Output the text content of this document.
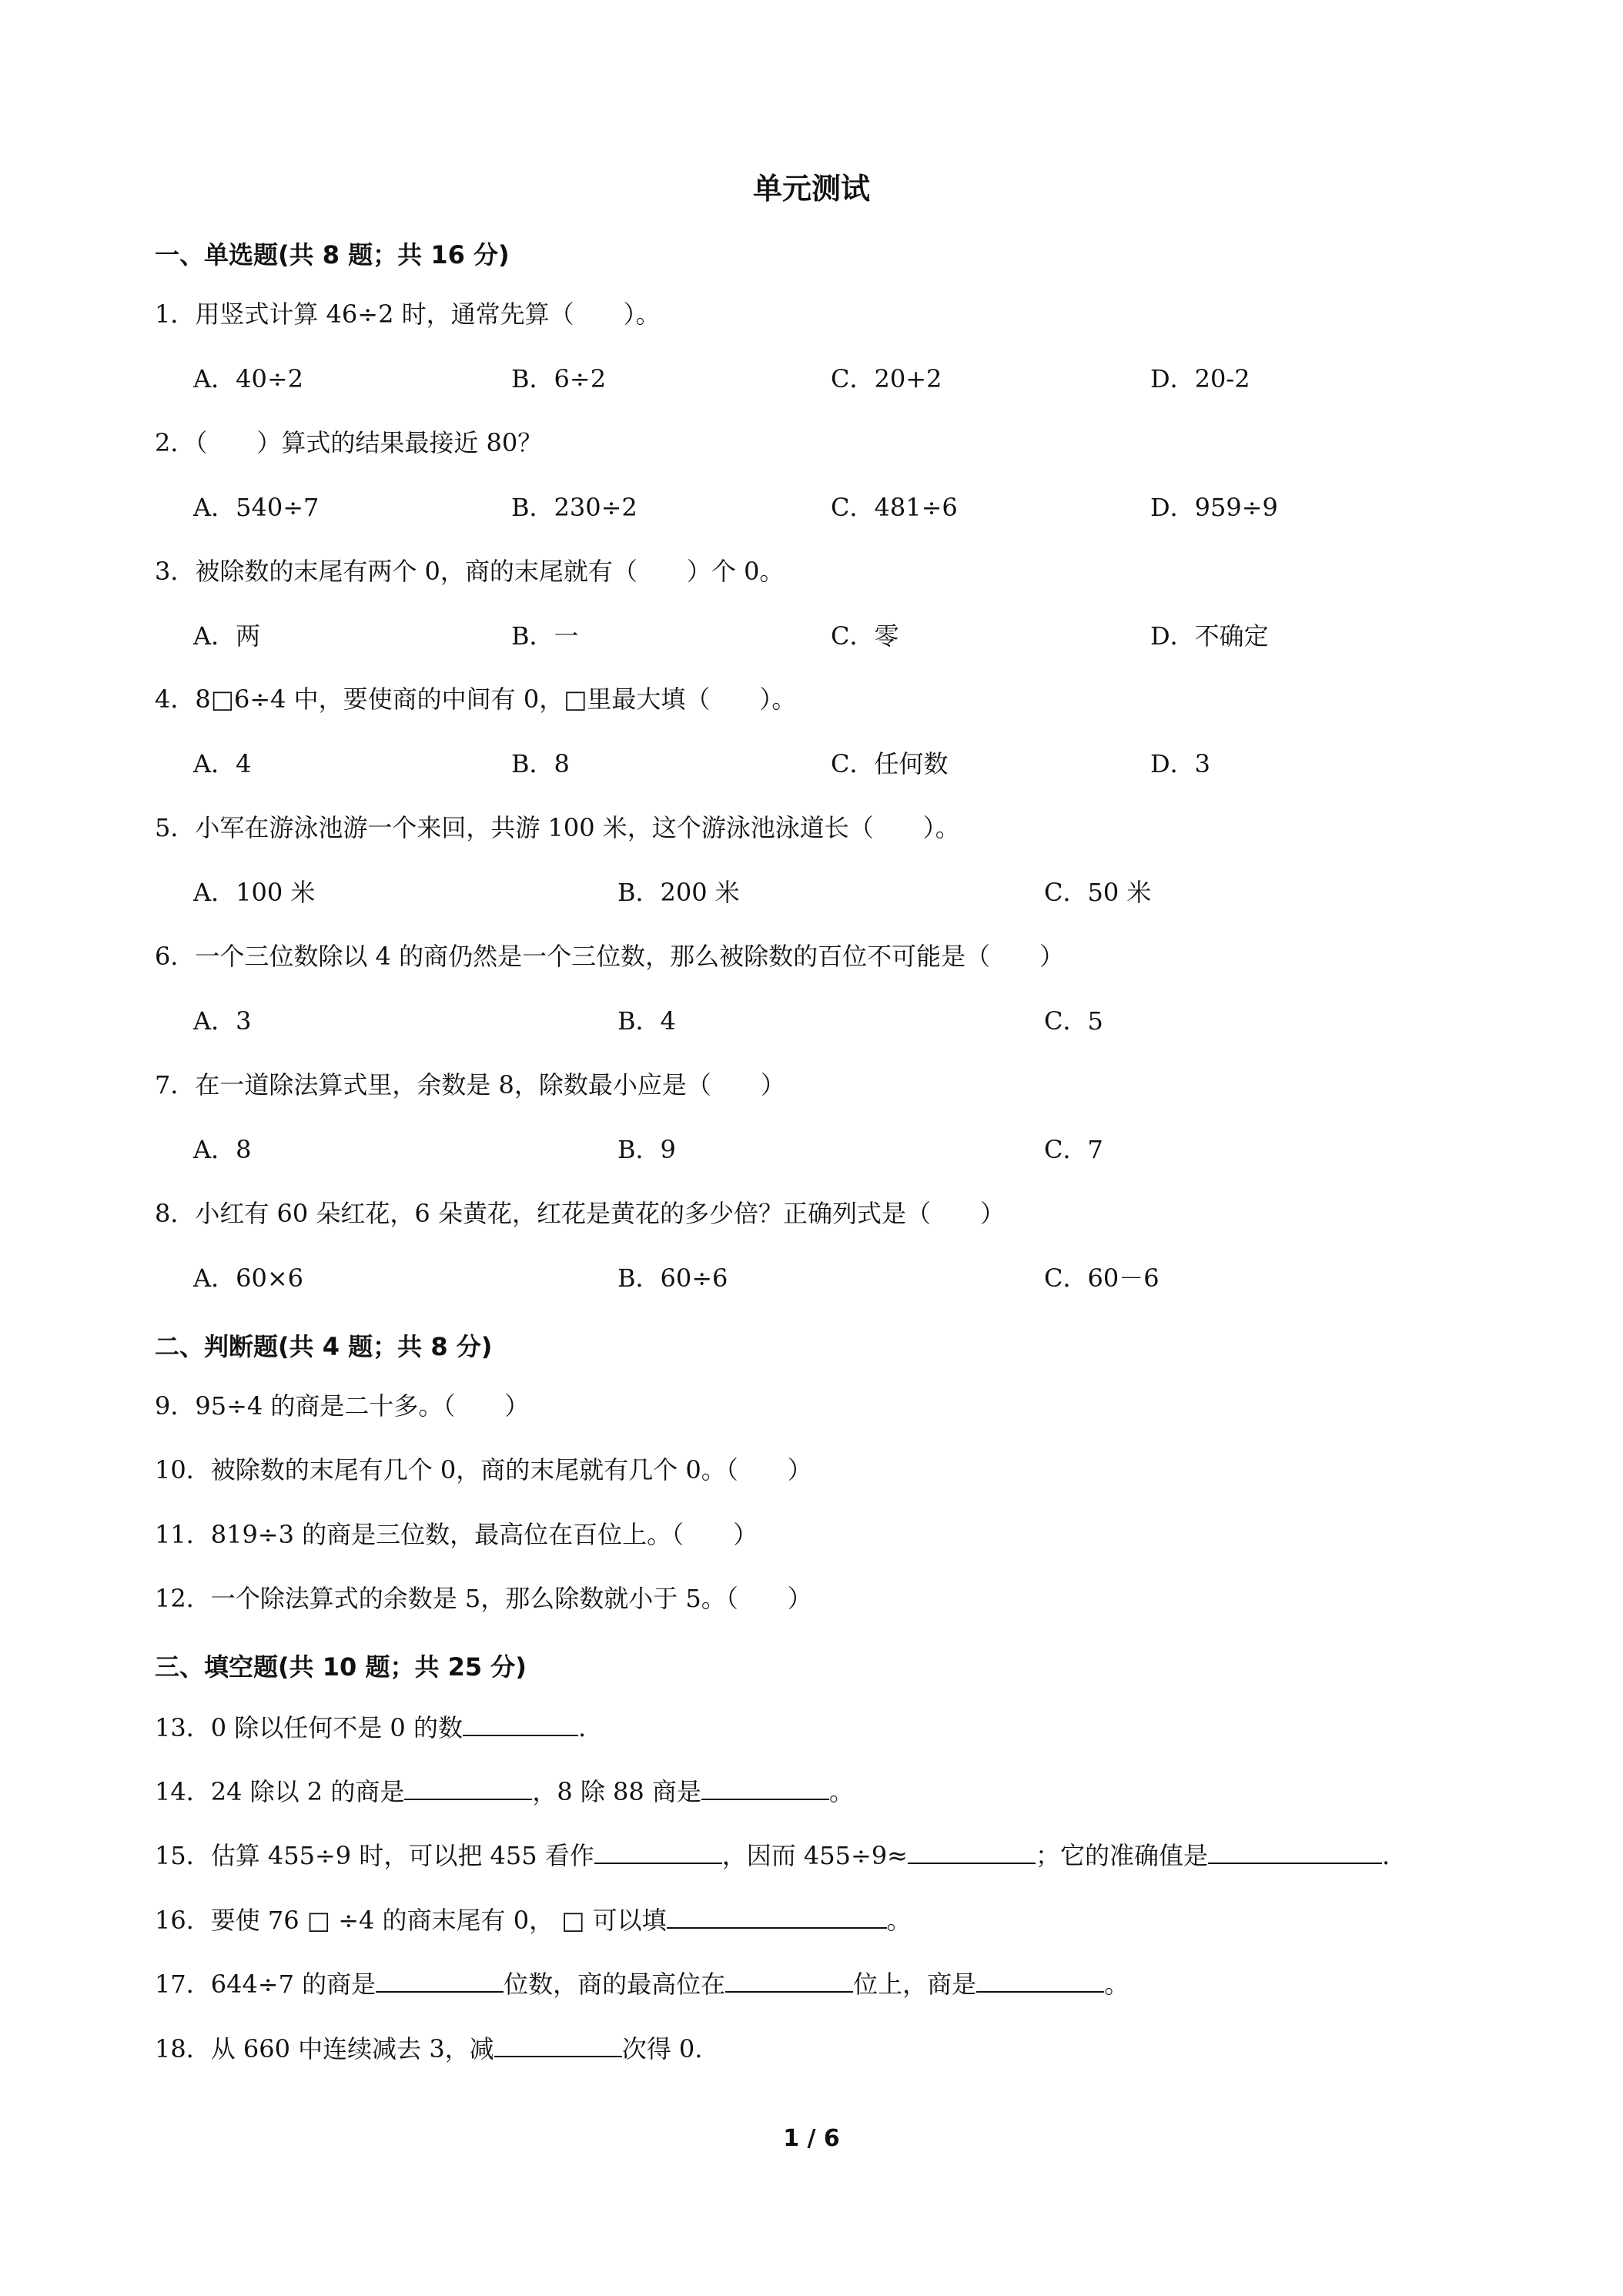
单元测试
一、单选题(共 8 题；共 16 分)
1．用竖式计算 46÷2 时，通常先算（　　）。
A．40÷2	B．6÷2	C．20+2	D．20-2
2．（　　）算式的结果最接近 80？
A．540÷7	B．230÷2	C．481÷6	D．959÷9
3．被除数的末尾有两个 0，商的末尾就有（　　）个 0。
A．两	B．一	C．零	D．不确定
4．8□6÷4 中，要使商的中间有 0，□里最大填（　　）。
A．4	B．8	C．任何数	D．3
5．小军在游泳池游一个来回，共游 100 米，这个游泳池泳道长（　　）。
A．100 米	B．200 米	C．50 米
6．一个三位数除以 4 的商仍然是一个三位数，那么被除数的百位不可能是（　　）
A．3	B．4	C．5
7．在一道除法算式里，余数是 8，除数最小应是（　　）
A．8	B．9	C．7
8．小红有 60 朵红花，6 朵黄花，红花是黄花的多少倍？正确列式是（　　）
A．60×6	B．60÷6	C．60－6
二、判断题(共 4 题；共 8 分)
9．95÷4 的商是二十多。（　　）
10．被除数的末尾有几个 0，商的末尾就有几个 0。（　　）
11．819÷3 的商是三位数，最高位在百位上。（　　）
12．一个除法算式的余数是 5，那么除数就小于 5。（　　）
三、填空题(共 10 题；共 25 分)
13．0 除以任何不是 0 的数	.
14．24 除以 2 的商是	，8 除 88 商是	。
15．估算 455÷9 时，可以把 455 看作	，因而 455÷9≈	；它的准确值是	.
16．要使 76 □ ÷4 的商末尾有 0， □ 可以填	。
17．644÷7 的商是	位数，商的最高位在	位上，商是	。
18．从 660 中连续减去 3，减	次得 0.
1 / 6
